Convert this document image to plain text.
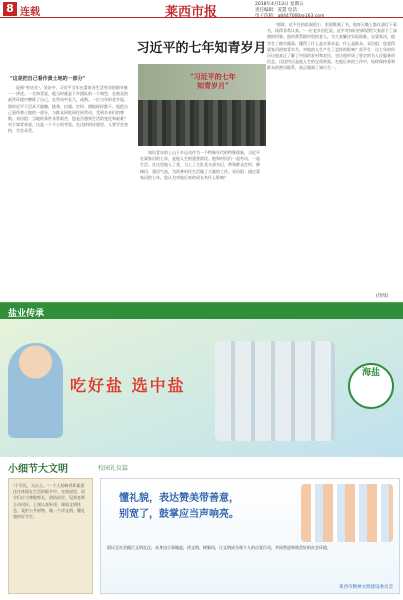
8 连载	莱西市报
2018年4月13日 星期五
责任编辑：姜慧 电话：
电子信箱：a8447000@163.com
习近平的七年知青岁月
"这是把自己看作黄土地的一部分"	"习近平的七年
知青岁月"

说到"劳动关"，采访中，习近平当年在梁家河生活劳动的细节被一一讲述。一名知青说，他当时就是下乡插队的一个典型，在陕北的艰苦环境中磨炼了自己，在劳动中长大、成熟。一位当年的老乡说，那时近平干活从不偷懒，挑粪、拉煤、打坝、耕地样样都干。他把自己看作黄土地的一部分，与群众同吃同住同劳动，受到乡亲们的尊敬。采访组：当地的条件非常艰苦，您是否感到生活的变化和艰难？对于知青来说，这是一个不小的考验。在这样的环境里，人要学会坚持，学会承受。

知识青年的上山下乡运动作为一个特殊年代的特殊现象，习近平在梁家河的七年，是他人生的重要阶段。他和村民们一起劳动，一起生活，在这里他入了党，当上了大队党支部书记，带领群众打坝、修梯田、建沼气池，为改善村民生活做了大量的工作。采访组：通过梁家河的七年，您认为对他后来的成长有什么影响？

"那时，近平住的窑洞很小，里面堆满了书，他每天晚上都在油灯下看书，读得非常认真。"一位老乡回忆说。近平对知识的渴望给大家留下了深刻的印象。他经常帮助村里的老人，为大家解决实际困难。在梁家河，他学会了踏实做事，懂得了什么是实事求是，什么是群众。采访组：您觉得梁家河的知青岁月，对他的人生产生了怎样的影响？雷平生：这七年的经历让他真正了解了中国的农村和农民，也让他形成了坚定的为人民服务的信念。这段经历是他人生的宝贵财富。在他后来的工作中，始终保持着和群众的密切联系，真正做到了知行合一。

(待续)
盐业传承
吃好盐 选中盐
海盐
小细节大文明	校园礼仪篇
"不学礼，无以立。"一个人的修养和素质往往体现在生活的细节中。在校园里，同学们应当尊敬师长、团结同学，见到老师主动问好，上课认真听讲，课间文明休息，爱护公共财物，做一个讲文明、懂礼貌的好学生。
懂礼貌，表达赞美带善意，
别宽了，鼓掌应当声响亮。
倡议全社会践行文明礼仪，从身边小事做起，讲文明、树新风，让文明成为每个人的自觉行动，共同营造和谐美好的社会环境。
莱西市精神文明建设委员会
